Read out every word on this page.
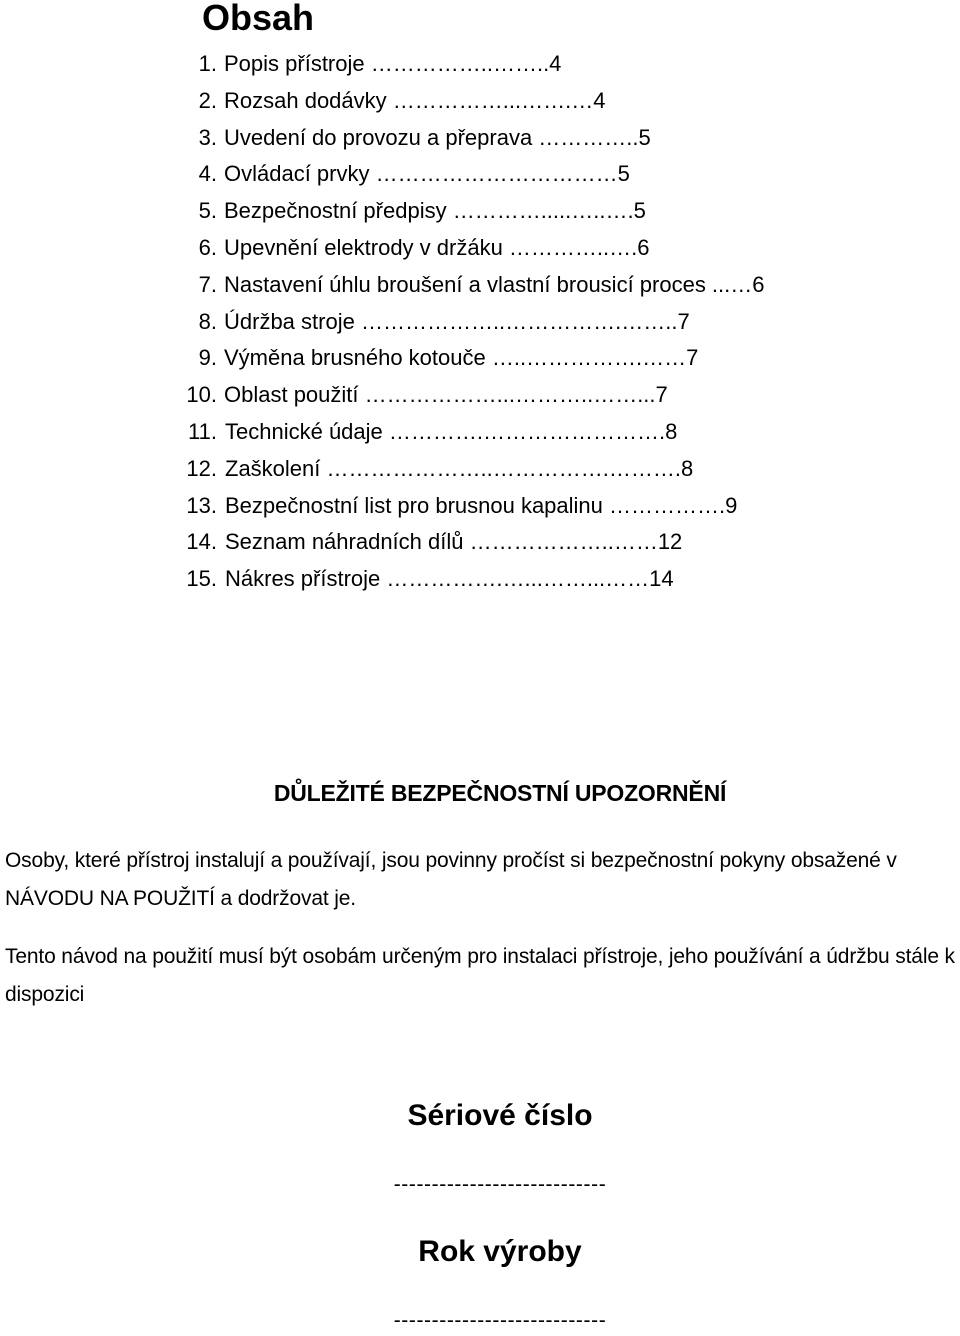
Obsah
1. Popis přístroje ……………..……..4
2. Rozsah dodávky ……………...…….…4
3. Uvedení do provozu a přeprava …………..5
4. Ovládací prvky ……………………………5
5. Bezpečnostní předpisy ………….....…..….5
6. Upevnění elektrody v držáku …………..….6
7. Nastavení úhlu broušení a vlastní brousicí proces ...…6
8. Údržba stroje ………………..…………….……..7
9. Výměna brusného kotouče …..…………….……7
10. Oblast použití ………………...………..……...7
11. Technické údaje ………….…………………….8
12. Zaškolení …………………..…………….……….8
13. Bezpečnostní list pro brusnou kapalinu …………….9
14. Seznam náhradních dílů ………………..……12
15. Nákres přístroje …………….…...……...……14
DŮLEŽITÉ BEZPEČNOSTNÍ UPOZORNĚNÍ

Osoby, které přístroj instalují a používají, jsou povinny pročíst si bezpečnostní pokyny obsažené v NÁVODU NA POUŽITÍ a dodržovat je.

Tento návod na použití musí být osobám určeným pro instalaci přístroje, jeho používání a údržbu stále k dispozici

Sériové číslo
----------------------------
Rok výroby
----------------------------
